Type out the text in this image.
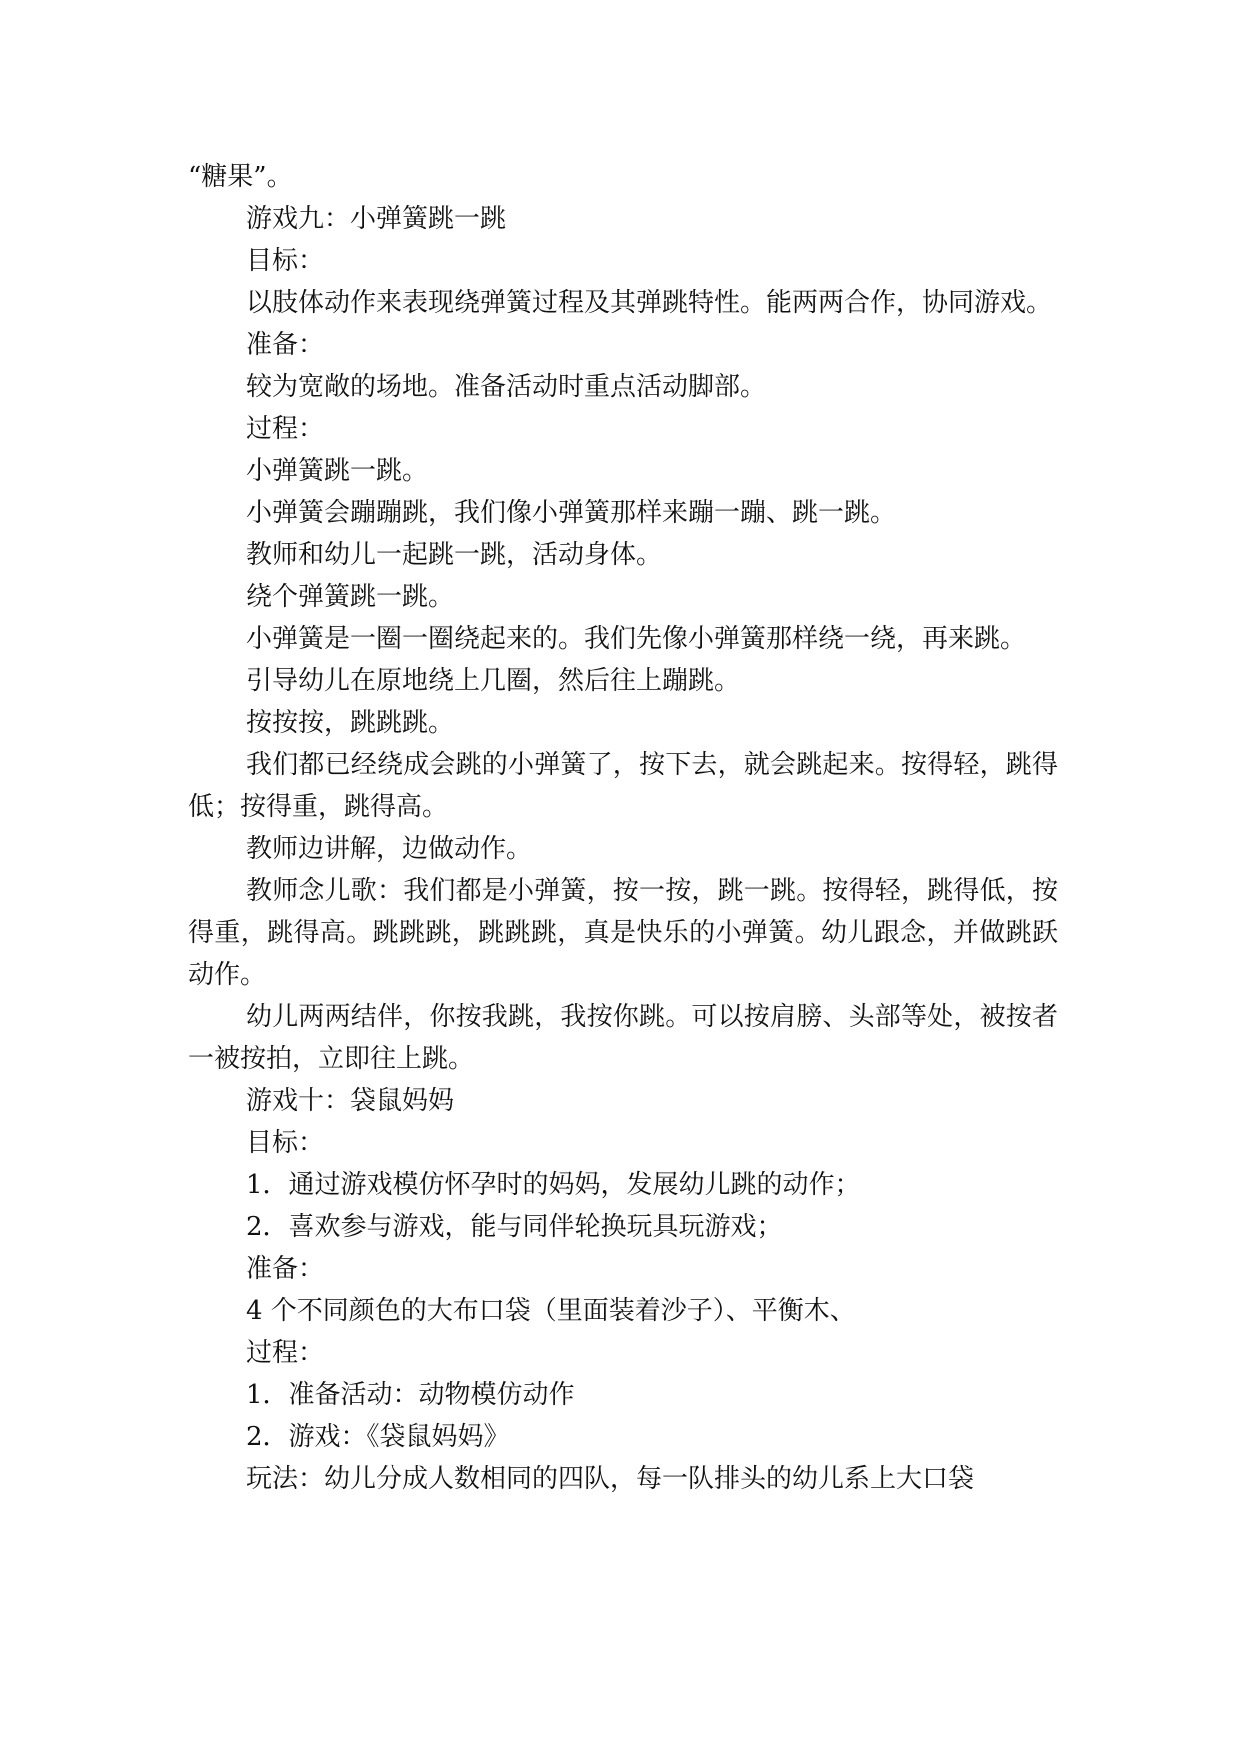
“糖果”。

游戏九：小弹簧跳一跳

目标：

以肢体动作来表现绕弹簧过程及其弹跳特性。能两两合作，协同游戏。

准备：

较为宽敞的场地。准备活动时重点活动脚部。

过程：

小弹簧跳一跳。

小弹簧会蹦蹦跳，我们像小弹簧那样来蹦一蹦、跳一跳。

教师和幼儿一起跳一跳，活动身体。

绕个弹簧跳一跳。

小弹簧是一圈一圈绕起来的。我们先像小弹簧那样绕一绕，再来跳。

引导幼儿在原地绕上几圈，然后往上蹦跳。

按按按，跳跳跳。

我们都已经绕成会跳的小弹簧了，按下去，就会跳起来。按得轻，跳得低；按得重，跳得高。

教师边讲解，边做动作。

教师念儿歌：我们都是小弹簧，按一按，跳一跳。按得轻，跳得低，按得重，跳得高。跳跳跳，跳跳跳，真是快乐的小弹簧。幼儿跟念，并做跳跃动作。

幼儿两两结伴，你按我跳，我按你跳。可以按肩膀、头部等处，被按者一被按拍，立即往上跳。

游戏十：袋鼠妈妈

目标：

1．通过游戏模仿怀孕时的妈妈，发展幼儿跳的动作；

2．喜欢参与游戏，能与同伴轮换玩具玩游戏；

准备：

4 个不同颜色的大布口袋（里面装着沙子）、平衡木、

过程：

1．准备活动：动物模仿动作

2．游戏：《袋鼠妈妈》

玩法：幼儿分成人数相同的四队，每一队排头的幼儿系上大口袋
